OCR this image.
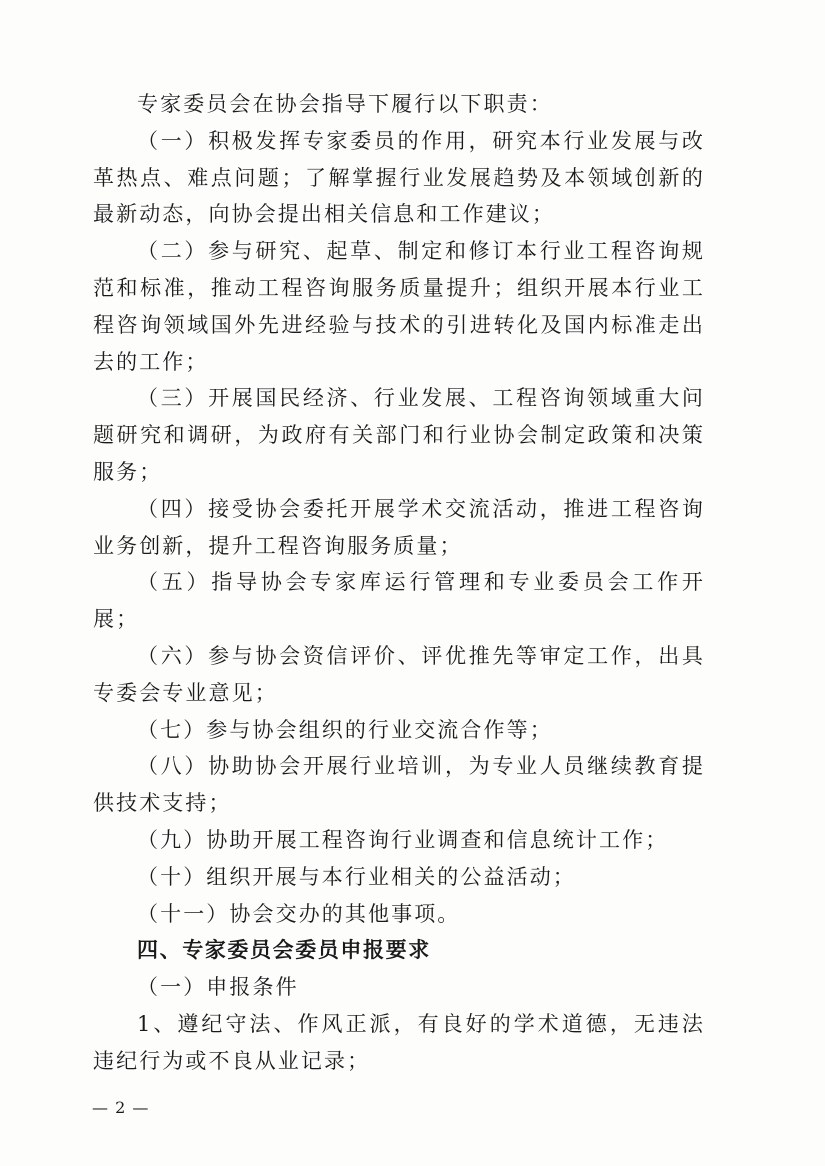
专家委员会在协会指导下履行以下职责：

（一）积极发挥专家委员的作用，研究本行业发展与改革热点、难点问题；了解掌握行业发展趋势及本领域创新的最新动态，向协会提出相关信息和工作建议；

（二）参与研究、起草、制定和修订本行业工程咨询规范和标准，推动工程咨询服务质量提升；组织开展本行业工程咨询领域国外先进经验与技术的引进转化及国内标准走出去的工作；

（三）开展国民经济、行业发展、工程咨询领域重大问题研究和调研，为政府有关部门和行业协会制定政策和决策服务；

（四）接受协会委托开展学术交流活动，推进工程咨询业务创新，提升工程咨询服务质量；

（五）指导协会专家库运行管理和专业委员会工作开展；

（六）参与协会资信评价、评优推先等审定工作，出具专委会专业意见；

（七）参与协会组织的行业交流合作等；

（八）协助协会开展行业培训，为专业人员继续教育提供技术支持；

（九）协助开展工程咨询行业调查和信息统计工作；

（十）组织开展与本行业相关的公益活动；

（十一）协会交办的其他事项。

四、专家委员会委员申报要求

（一）申报条件

1、遵纪守法、作风正派，有良好的学术道德，无违法违纪行为或不良从业记录；

— 2 —
